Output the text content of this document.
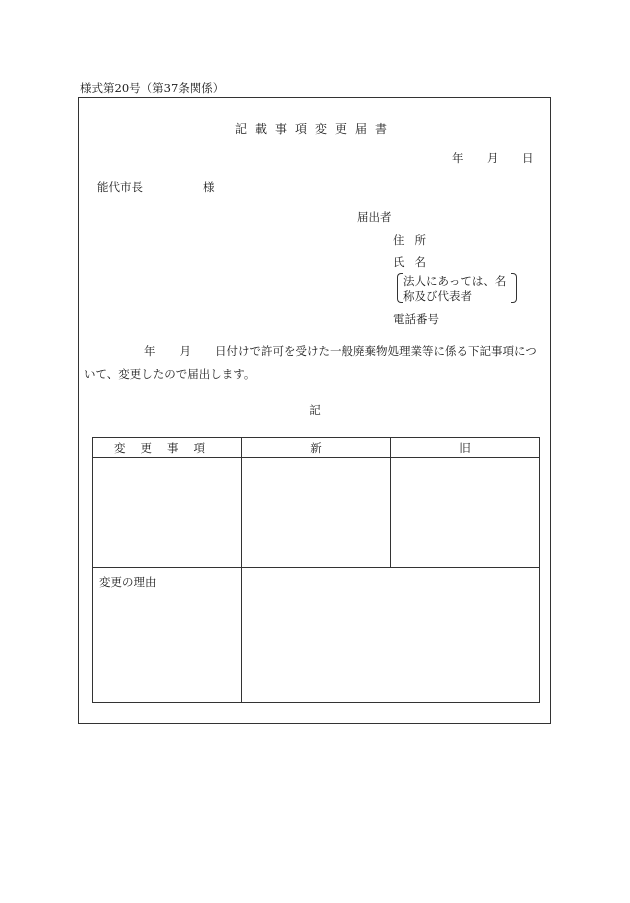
様式第20号（第37条関係）
記載事項変更届書
年 月 日
能代市長	様
届出者
住所
氏名
法人にあっては、名
称及び代表者
電話番号
年 月 日付けで許可を受けた一般廃棄物処理業等に係る下記事項につ
いて、変更したので届出します。
記
変更事項	新	旧

変更の理由		
